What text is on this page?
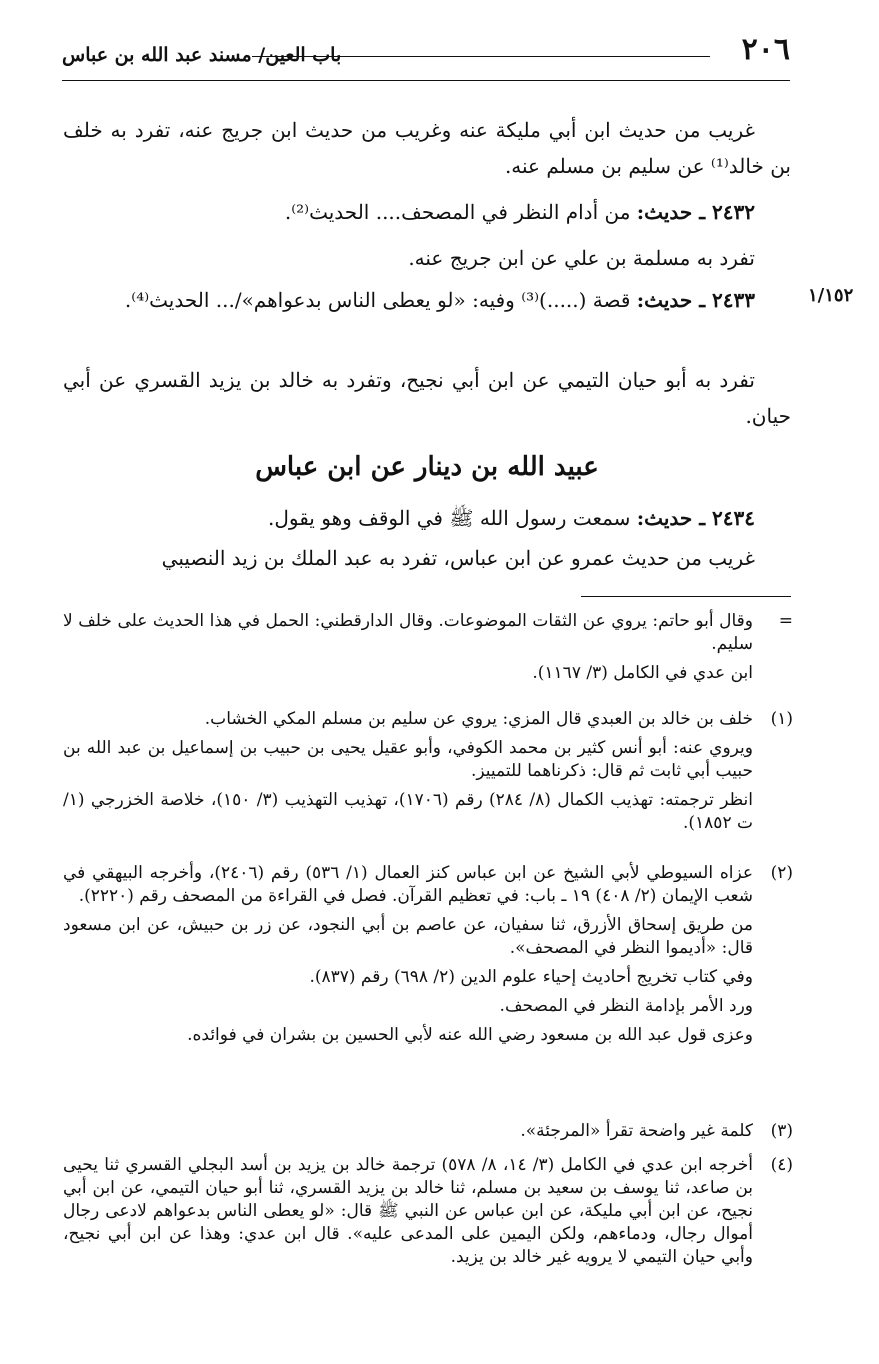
٢٠٦
باب العين/ مسند عبد الله بن عباس
غريب من حديث ابن أبي مليكة عنه وغريب من حديث ابن جريج عنه، تفرد به خلف بن خالد⁽¹⁾ عن سليم بن مسلم عنه.
٢٤٣٢ ـ حديث: من أدام النظر في المصحف.... الحديث⁽²⁾.
تفرد به مسلمة بن علي عن ابن جريج عنه.
١/١٥٢
٢٤٣٣ ـ حديث: قصة (.....)⁽³⁾ وفيه: «لو يعطى الناس بدعواهم»/... الحديث⁽⁴⁾.
تفرد به أبو حيان التيمي عن ابن أبي نجيح، وتفرد به خالد بن يزيد القسري عن أبي حيان.
عبيد الله بن دينار عن ابن عباس
٢٤٣٤ ـ حديث: سمعت رسول الله ﷺ في الوقف وهو يقول.
غريب من حديث عمرو عن ابن عباس، تفرد به عبد الملك بن زيد النصيبي
=

وقال أبو حاتم: يروي عن الثقات الموضوعات. وقال الدارقطني: الحمل في هذا الحديث على خلف لا سليم.

ابن عدي في الكامل (٣/ ١١٦٧).

(١)

خلف بن خالد بن العبدي قال المزي: يروي عن سليم بن مسلم المكي الخشاب.

ويروي عنه: أبو أنس كثير بن محمد الكوفي، وأبو عقيل يحيى بن حبيب بن إسماعيل بن عبد الله بن حبيب أبي ثابت ثم قال: ذكرناهما للتمييز.

انظر ترجمته: تهذيب الكمال (٨/ ٢٨٤) رقم (١٧٠٦)، تهذيب التهذيب (٣/ ١٥٠)، خلاصة الخزرجي (١/ ت ١٨٥٢).

(٢)

عزاه السيوطي لأبي الشيخ عن ابن عباس كنز العمال (١/ ٥٣٦) رقم (٢٤٠٦)، وأخرجه البيهقي في شعب الإيمان (٢/ ٤٠٨) ١٩ ـ باب: في تعظيم القرآن. فصل في القراءة من المصحف رقم (٢٢٢٠).

من طريق إسحاق الأزرق، ثنا سفيان، عن عاصم بن أبي النجود، عن زر بن حبيش، عن ابن مسعود قال: «أديموا النظر في المصحف».

وفي كتاب تخريج أحاديث إحياء علوم الدين (٢/ ٦٩٨) رقم (٨٣٧).

ورد الأمر بإدامة النظر في المصحف.

وعزى قول عبد الله بن مسعود رضي الله عنه لأبي الحسين بن بشران في فوائده.

(٣)

كلمة غير واضحة تقرأ «المرجئة».

(٤)

أخرجه ابن عدي في الكامل (٣/ ١٤، ٨/ ٥٧٨) ترجمة خالد بن يزيد بن أسد البجلي القسري ثنا يحيى بن صاعد، ثنا يوسف بن سعيد بن مسلم، ثنا خالد بن يزيد القسري، ثنا أبو حيان التيمي، عن ابن أبي نجيح، عن ابن أبي مليكة، عن ابن عباس عن النبي ﷺ قال: «لو يعطى الناس بدعواهم لادعى رجال أموال رجال، ودماءهم، ولكن اليمين على المدعى عليه». قال ابن عدي: وهذا عن ابن أبي نجيح، وأبي حيان التيمي لا يرويه غير خالد بن يزيد.
